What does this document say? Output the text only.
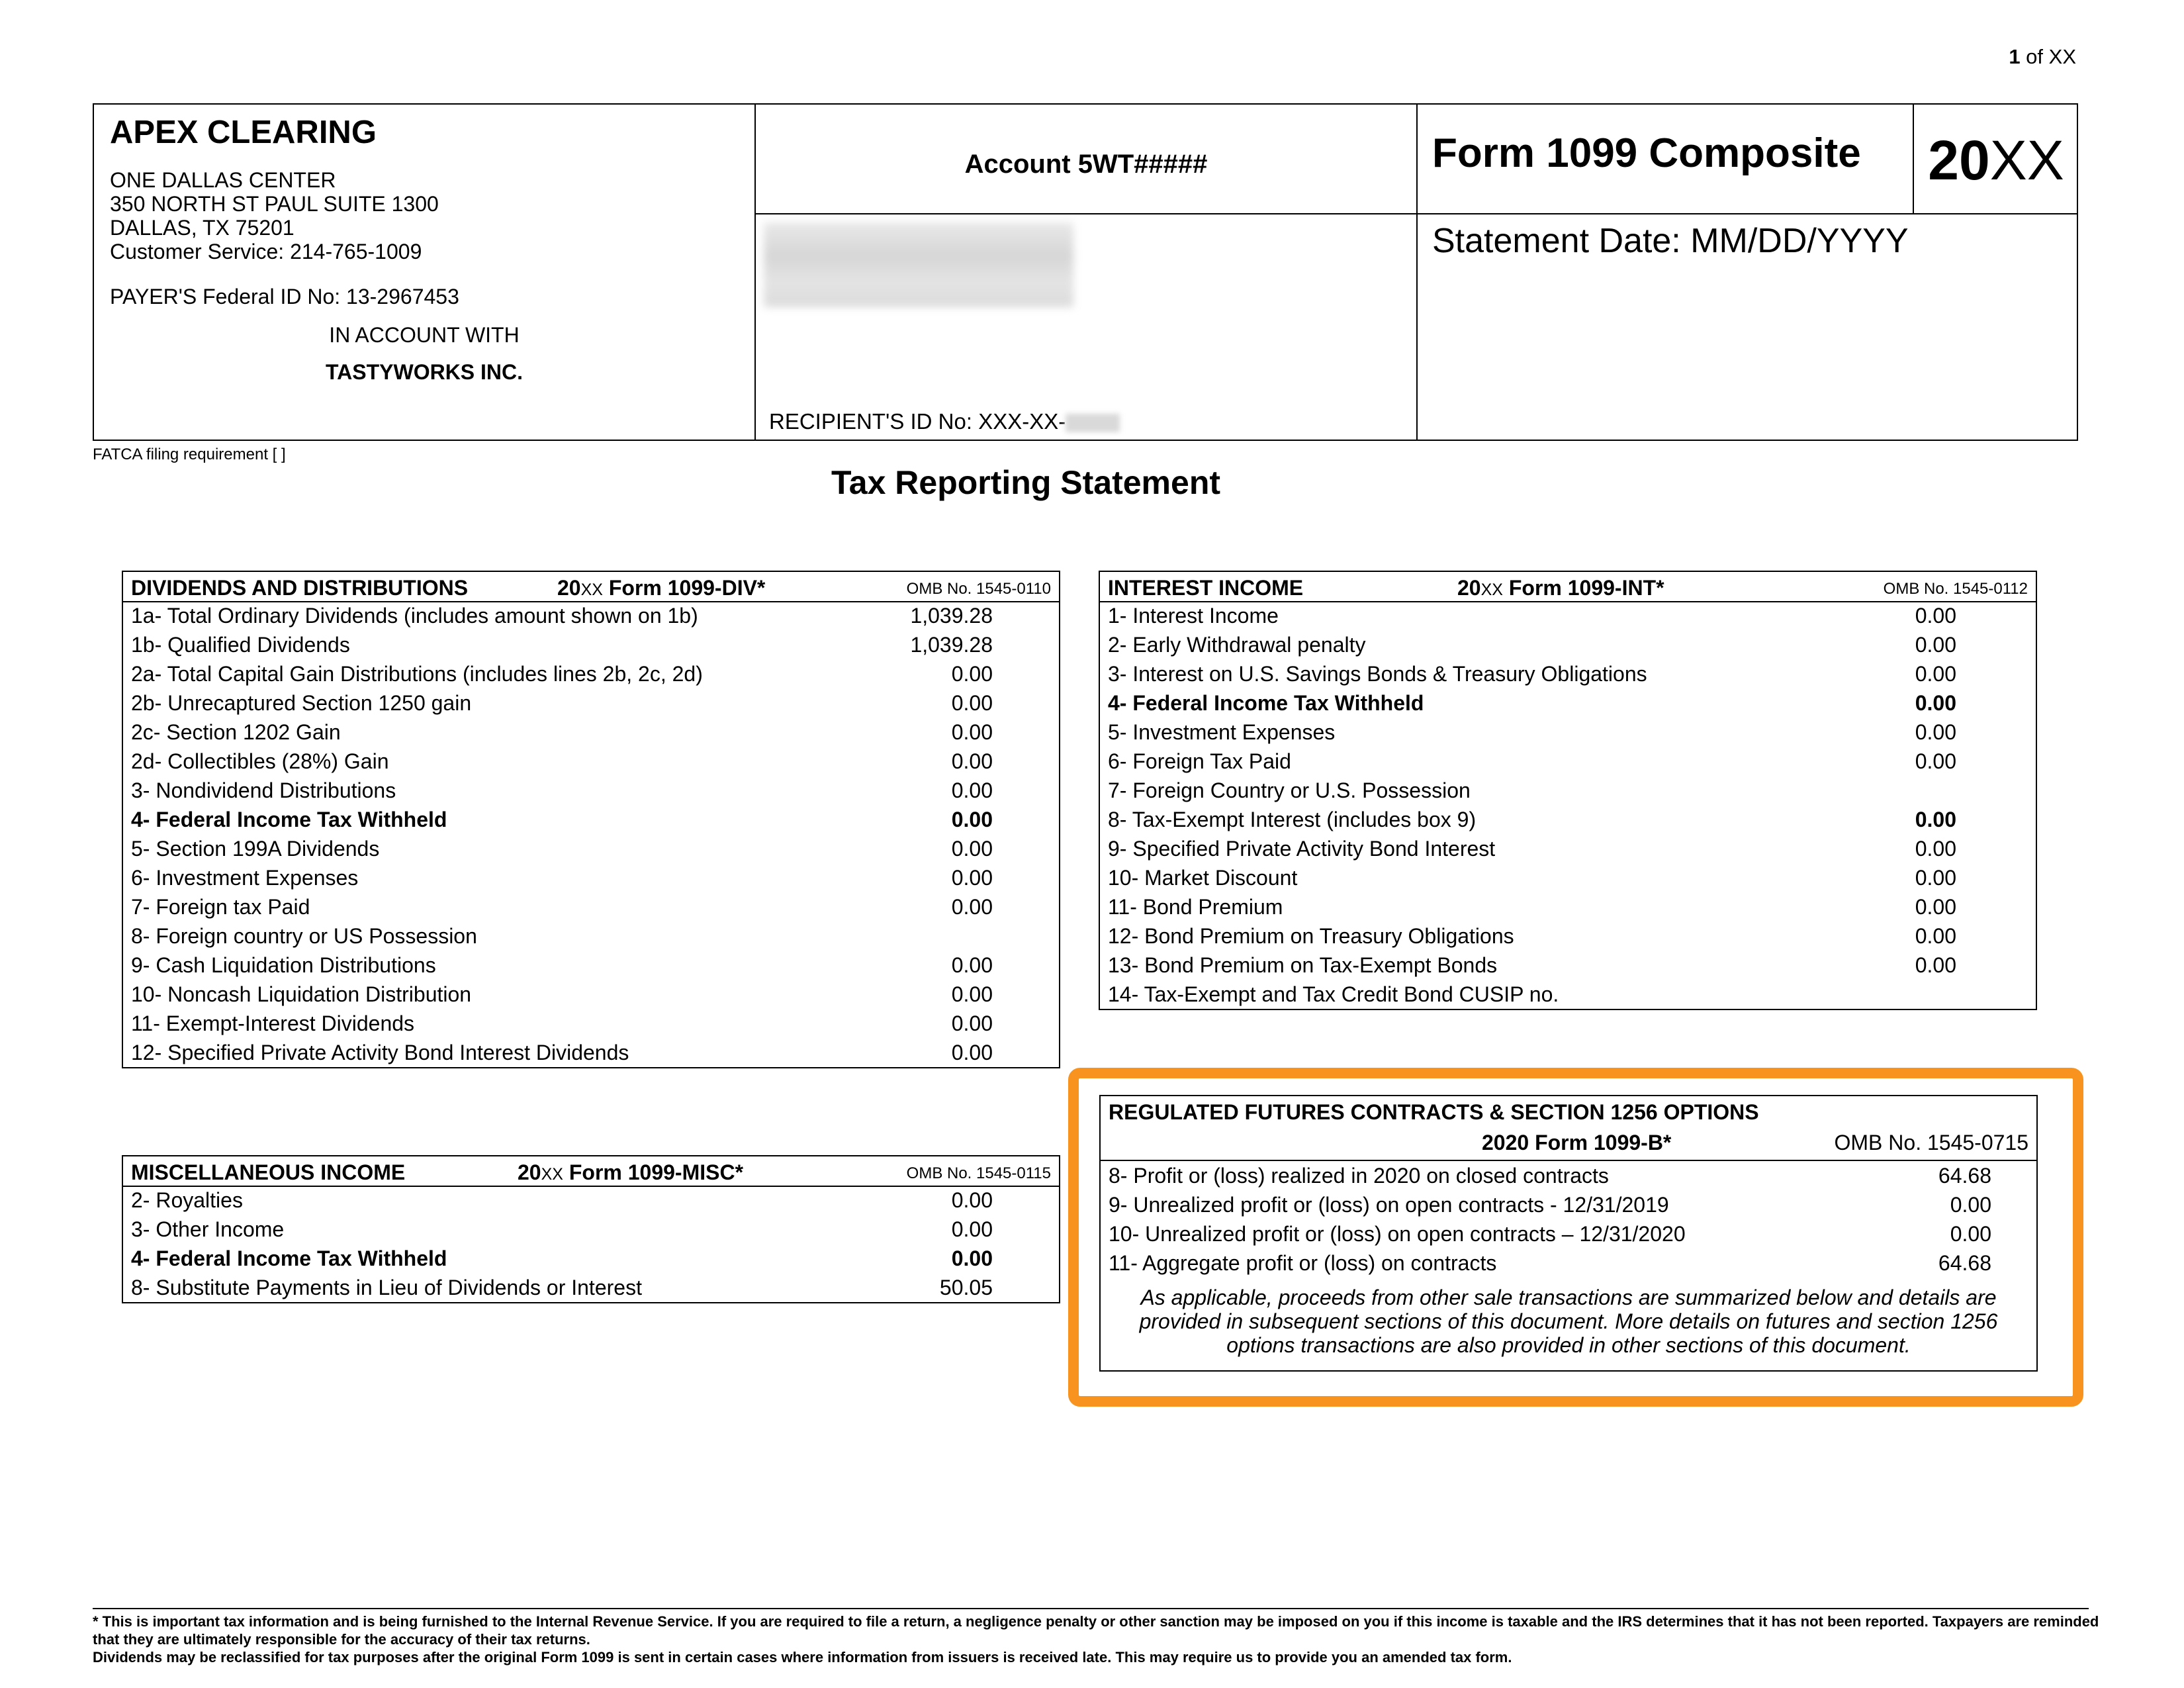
1 of XX
APEX CLEARING
ONE DALLAS CENTER
350 NORTH ST PAUL SUITE 1300
DALLAS, TX 75201
Customer Service: 214-765-1009
PAYER'S Federal ID No: 13-2967453
IN ACCOUNT WITH
TASTYWORKS INC.
Account 5WT#####
RECIPIENT'S ID No: XXX-XX-
Form 1099 Composite 20XX
Statement Date: MM/DD/YYYY
FATCA filing requirement [ ]
Tax Reporting Statement
DIVIDENDS AND DISTRIBUTIONS	20XX Form 1099-DIV*	OMB No. 1545-0110
1a- Total Ordinary Dividends (includes amount shown on 1b)	1,039.28
1b- Qualified Dividends	1,039.28
2a- Total Capital Gain Distributions (includes lines 2b, 2c, 2d)	0.00
2b- Unrecaptured Section 1250 gain	0.00
2c- Section 1202 Gain	0.00
2d- Collectibles (28%) Gain	0.00
3- Nondividend Distributions	0.00
4- Federal Income Tax Withheld	0.00
5- Section 199A Dividends	0.00
6- Investment Expenses	0.00
7- Foreign tax Paid	0.00
8- Foreign country or US Possession
9- Cash Liquidation Distributions	0.00
10- Noncash Liquidation Distribution	0.00
11- Exempt-Interest Dividends	0.00
12- Specified Private Activity Bond Interest Dividends	0.00
INTEREST INCOME	20XX Form 1099-INT*	OMB No. 1545-0112
1- Interest Income	0.00
2- Early Withdrawal penalty	0.00
3- Interest on U.S. Savings Bonds & Treasury Obligations	0.00
4- Federal Income Tax Withheld	0.00
5- Investment Expenses	0.00
6- Foreign Tax Paid	0.00
7- Foreign Country or U.S. Possession
8- Tax-Exempt Interest (includes box 9)	0.00
9- Specified Private Activity Bond Interest	0.00
10- Market Discount	0.00
11- Bond Premium	0.00
12- Bond Premium on Treasury Obligations	0.00
13- Bond Premium on Tax-Exempt Bonds	0.00
14- Tax-Exempt and Tax Credit Bond CUSIP no.
MISCELLANEOUS INCOME	20XX Form 1099-MISC*	OMB No. 1545-0115
2- Royalties	0.00
3- Other Income	0.00
4- Federal Income Tax Withheld	0.00
8- Substitute Payments in Lieu of Dividends or Interest	50.05
REGULATED FUTURES CONTRACTS & SECTION 1256 OPTIONS
2020 Form 1099-B*	OMB No. 1545-0715
8- Profit or (loss) realized in 2020 on closed contracts	64.68
9- Unrealized profit or (loss) on open contracts - 12/31/2019	0.00
10- Unrealized profit or (loss) on open contracts – 12/31/2020	0.00
11- Aggregate profit or (loss) on contracts	64.68
As applicable, proceeds from other sale transactions are summarized below and details are provided in subsequent sections of this document. More details on futures and section 1256 options transactions are also provided in other sections of this document.
* This is important tax information and is being furnished to the Internal Revenue Service. If you are required to file a return, a negligence penalty or other sanction may be imposed on you if this income is taxable and the IRS determines that it has not been reported. Taxpayers are reminded that they are ultimately responsible for the accuracy of their tax returns.
Dividends may be reclassified for tax purposes after the original Form 1099 is sent in certain cases where information from issuers is received late. This may require us to provide you an amended tax form.
